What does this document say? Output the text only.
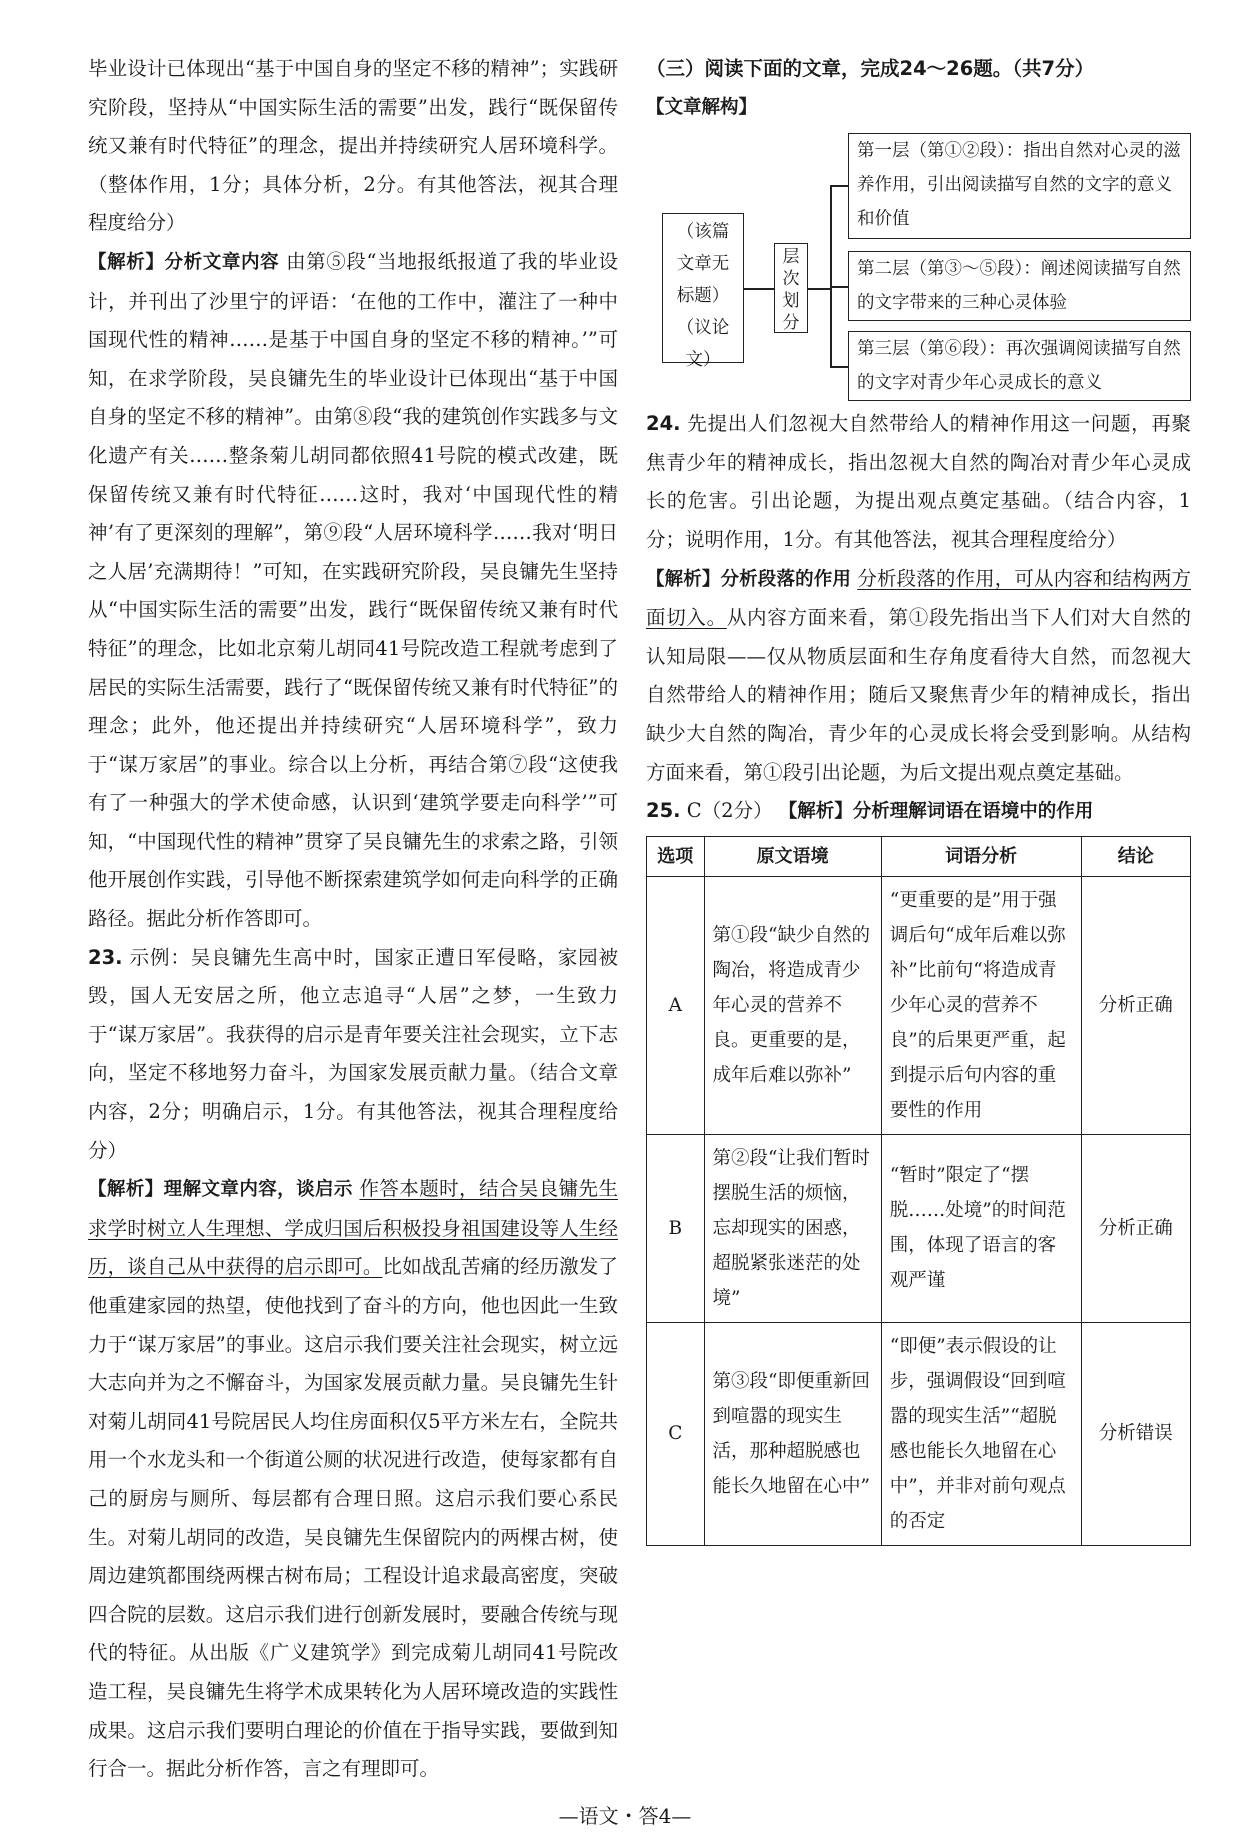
毕业设计已体现出“基于中国自身的坚定不移的精神”；实践研究阶段，坚持从“中国实际生活的需要”出发，践行“既保留传统又兼有时代特征”的理念，提出并持续研究人居环境科学。（整体作用，1分；具体分析，2分。有其他答法，视其合理程度给分）

【解析】分析文章内容 由第⑤段“当地报纸报道了我的毕业设计，并刊出了沙里宁的评语：‘在他的工作中，灌注了一种中国现代性的精神……是基于中国自身的坚定不移的精神。’”可知，在求学阶段，吴良镛先生的毕业设计已体现出“基于中国自身的坚定不移的精神”。由第⑧段“我的建筑创作实践多与文化遗产有关……整条菊儿胡同都依照41号院的模式改建，既保留传统又兼有时代特征……这时，我对‘中国现代性的精神’有了更深刻的理解”，第⑨段“人居环境科学……我对‘明日之人居’充满期待！”可知，在实践研究阶段，吴良镛先生坚持从“中国实际生活的需要”出发，践行“既保留传统又兼有时代特征”的理念，比如北京菊儿胡同41号院改造工程就考虑到了居民的实际生活需要，践行了“既保留传统又兼有时代特征”的理念；此外，他还提出并持续研究“人居环境科学”，致力于“谋万家居”的事业。综合以上分析，再结合第⑦段“这使我有了一种强大的学术使命感，认识到‘建筑学要走向科学’”可知，“中国现代性的精神”贯穿了吴良镛先生的求索之路，引领他开展创作实践，引导他不断探索建筑学如何走向科学的正确路径。据此分析作答即可。

23. 示例：吴良镛先生高中时，国家正遭日军侵略，家园被毁，国人无安居之所，他立志追寻“人居”之梦，一生致力于“谋万家居”。我获得的启示是青年要关注社会现实，立下志向，坚定不移地努力奋斗，为国家发展贡献力量。（结合文章内容，2分；明确启示，1分。有其他答法，视其合理程度给分）

【解析】理解文章内容，谈启示 作答本题时，结合吴良镛先生求学时树立人生理想、学成归国后积极投身祖国建设等人生经历，谈自己从中获得的启示即可。比如战乱苦痛的经历激发了他重建家园的热望，使他找到了奋斗的方向，他也因此一生致力于“谋万家居”的事业。这启示我们要关注社会现实，树立远大志向并为之不懈奋斗，为国家发展贡献力量。吴良镛先生针对菊儿胡同41号院居民人均住房面积仅5平方米左右，全院共用一个水龙头和一个街道公厕的状况进行改造，使每家都有自己的厨房与厕所、每层都有合理日照。这启示我们要心系民生。对菊儿胡同的改造，吴良镛先生保留院内的两棵古树，使周边建筑都围绕两棵古树布局；工程设计追求最高密度，突破四合院的层数。这启示我们进行创新发展时，要融合传统与现代的特征。从出版《广义建筑学》到完成菊儿胡同41号院改造工程，吴良镛先生将学术成果转化为人居环境改造的实践性成果。这启示我们要明白理论的价值在于指导实践，要做到知行合一。据此分析作答，言之有理即可。

（三）阅读下面的文章，完成24～26题。（共7分）

【文章解构】

（该篇文章无标题）（议论文）
层次划分
第一层（第①②段）：指出自然对心灵的滋养作用，引出阅读描写自然的文字的意义和价值
第二层（第③～⑤段）：阐述阅读描写自然的文字带来的三种心灵体验
第三层（第⑥段）：再次强调阅读描写自然的文字对青少年心灵成长的意义

24. 先提出人们忽视大自然带给人的精神作用这一问题，再聚焦青少年的精神成长，指出忽视大自然的陶冶对青少年心灵成长的危害。引出论题，为提出观点奠定基础。（结合内容，1分；说明作用，1分。有其他答法，视其合理程度给分）

【解析】分析段落的作用 分析段落的作用，可从内容和结构两方面切入。从内容方面来看，第①段先指出当下人们对大自然的认知局限——仅从物质层面和生存角度看待大自然，而忽视大自然带给人的精神作用；随后又聚焦青少年的精神成长，指出缺少大自然的陶冶，青少年的心灵成长将会受到影响。从结构方面来看，第①段引出论题，为后文提出观点奠定基础。

25. C（2分） 【解析】分析理解词语在语境中的作用

选项	原文语境	词语分析	结论
A	第①段“缺少自然的陶冶，将造成青少年心灵的营养不良。更重要的是，成年后难以弥补”	“更重要的是”用于强调后句“成年后难以弥补”比前句“将造成青少年心灵的营养不良”的后果更严重，起到提示后句内容的重要性的作用	分析正确
B	第②段“让我们暂时摆脱生活的烦恼，忘却现实的困惑，超脱紧张迷茫的处境”	“暂时”限定了“摆脱……处境”的时间范围，体现了语言的客观严谨	分析正确
C	第③段“即便重新回到喧嚣的现实生活，那种超脱感也能长久地留在心中”	“即便”表示假设的让步，强调假设“回到喧嚣的现实生活”“超脱感也能长久地留在心中”，并非对前句观点的否定	分析错误
—语文・答4—
